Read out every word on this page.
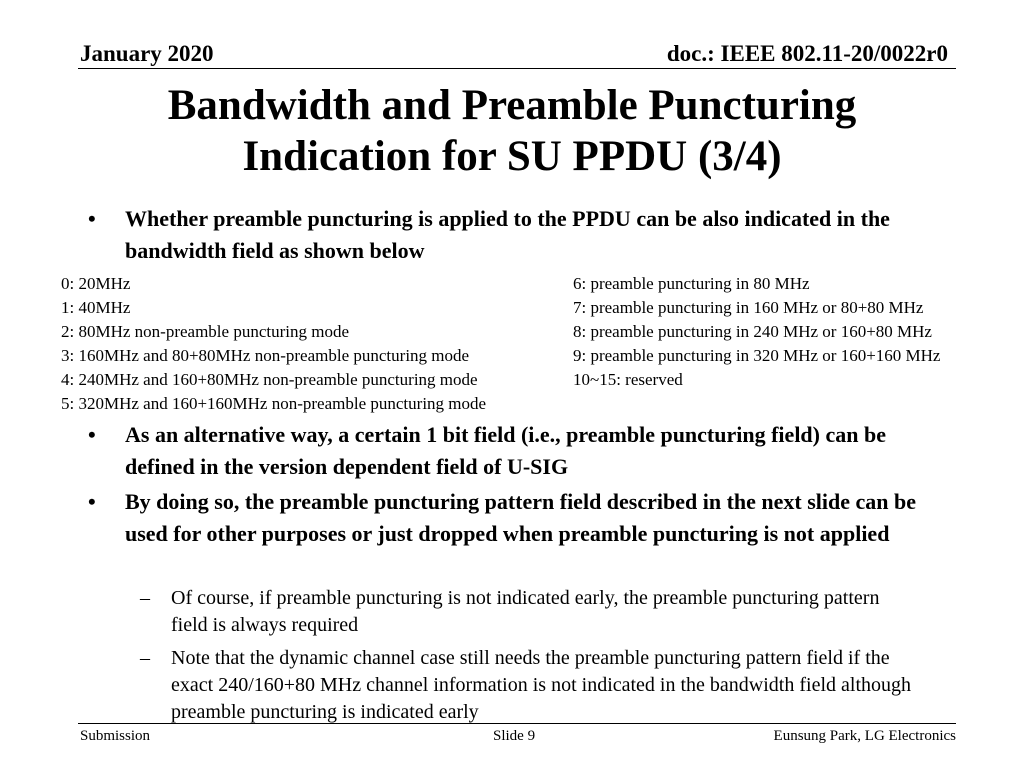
January 2020	doc.: IEEE 802.11-20/0022r0
Bandwidth and Preamble Puncturing
Indication for SU PPDU (3/4)
• Whether preamble puncturing is applied to the PPDU can be also indicated in the bandwidth field as shown below
0: 20MHz
1: 40MHz
2: 80MHz non-preamble puncturing mode
3: 160MHz and 80+80MHz non-preamble puncturing mode
4: 240MHz and 160+80MHz non-preamble puncturing mode
5: 320MHz and 160+160MHz non-preamble puncturing mode
6: preamble puncturing in 80 MHz
7: preamble puncturing in 160 MHz or 80+80 MHz
8: preamble puncturing in 240 MHz or 160+80 MHz
9: preamble puncturing in 320 MHz or 160+160 MHz
10~15: reserved
• As an alternative way, a certain 1 bit field (i.e., preamble puncturing field) can be defined in the version dependent field of U-SIG
• By doing so, the preamble puncturing pattern field described in the next slide can be used for other purposes or just dropped when preamble puncturing is not applied
– Of course, if preamble puncturing is not indicated early, the preamble puncturing pattern field is always required
– Note that the dynamic channel case still needs the preamble puncturing pattern field if the exact 240/160+80 MHz channel information is not indicated in the bandwidth field although preamble puncturing is indicated early
Submission	Slide 9	Eunsung Park, LG Electronics
